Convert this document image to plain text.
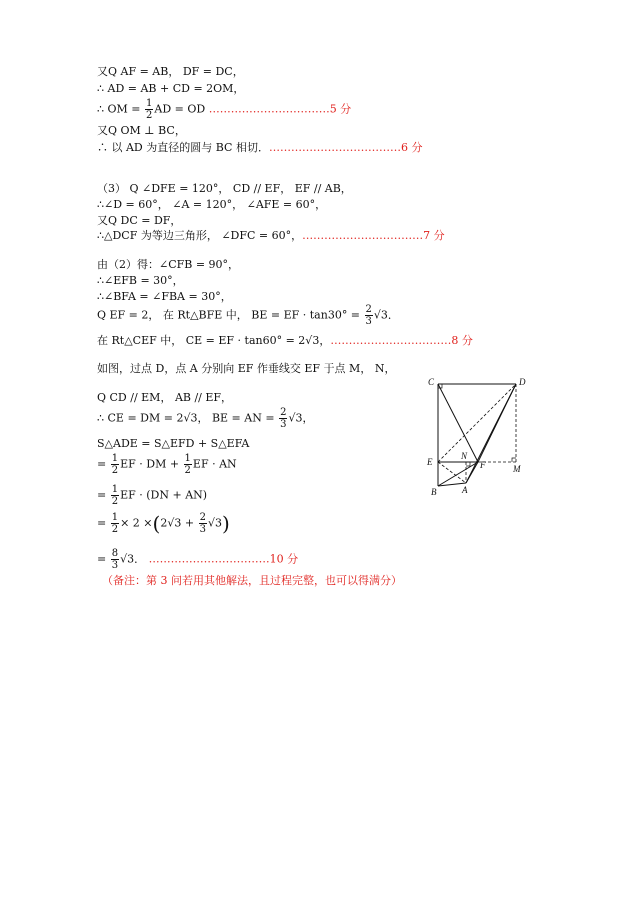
又Q AF = AB， DF = DC，
∴ AD = AB + CD = 2OM，
∴ OM = $\frac{1}{2}$ AD = OD ……………………………5 分
又Q OM ⊥ BC，
∴ 以 AD 为直径的圆与 BC 相切．………………………………6 分
（3） Q ∠DFE = 120°， CD // EF， EF // AB，
∴∠D = 60°， ∠A = 120°， ∠AFE = 60°，
又Q DC = DF，
∴△DCF 为等边三角形， ∠DFC = 60°，……………………………7 分
由（2）得：∠CFB = 90°，
∴∠EFB = 30°，
∴∠BFA = ∠FBA = 30°，
Q EF = 2， 在 Rt△BFE 中， BE = EF · $\tan 30^\circ = \frac{2}{3} √3$．
在 Rt△CEF 中， CE = EF · tan60° = 2√3，……………………………8 分
如图，过点 D，点 A 分别向 EF 作垂线交 EF 于点 M， N，
Q CD // EM， AB // EF，
∴ CE = DM = 2√3， BE = AN = $\frac{2}{3} √3$，
S△ADE = S△EFD + S△EFA
= $\frac{1}{2}$ EF · DM + $\frac{1}{2}$ EF · AN
= $\frac{1}{2}$ EF · (DN + AN)
= $\frac{1}{2} \times 2 \times(2√3 + \frac{2}{3} √3)$
= $\frac{8}{3} √3$． ……………………………10 分
（备注：第 3 问若用其他解法，且过程完整，也可以得满分）
C	D
E
N
F	M
B	A
